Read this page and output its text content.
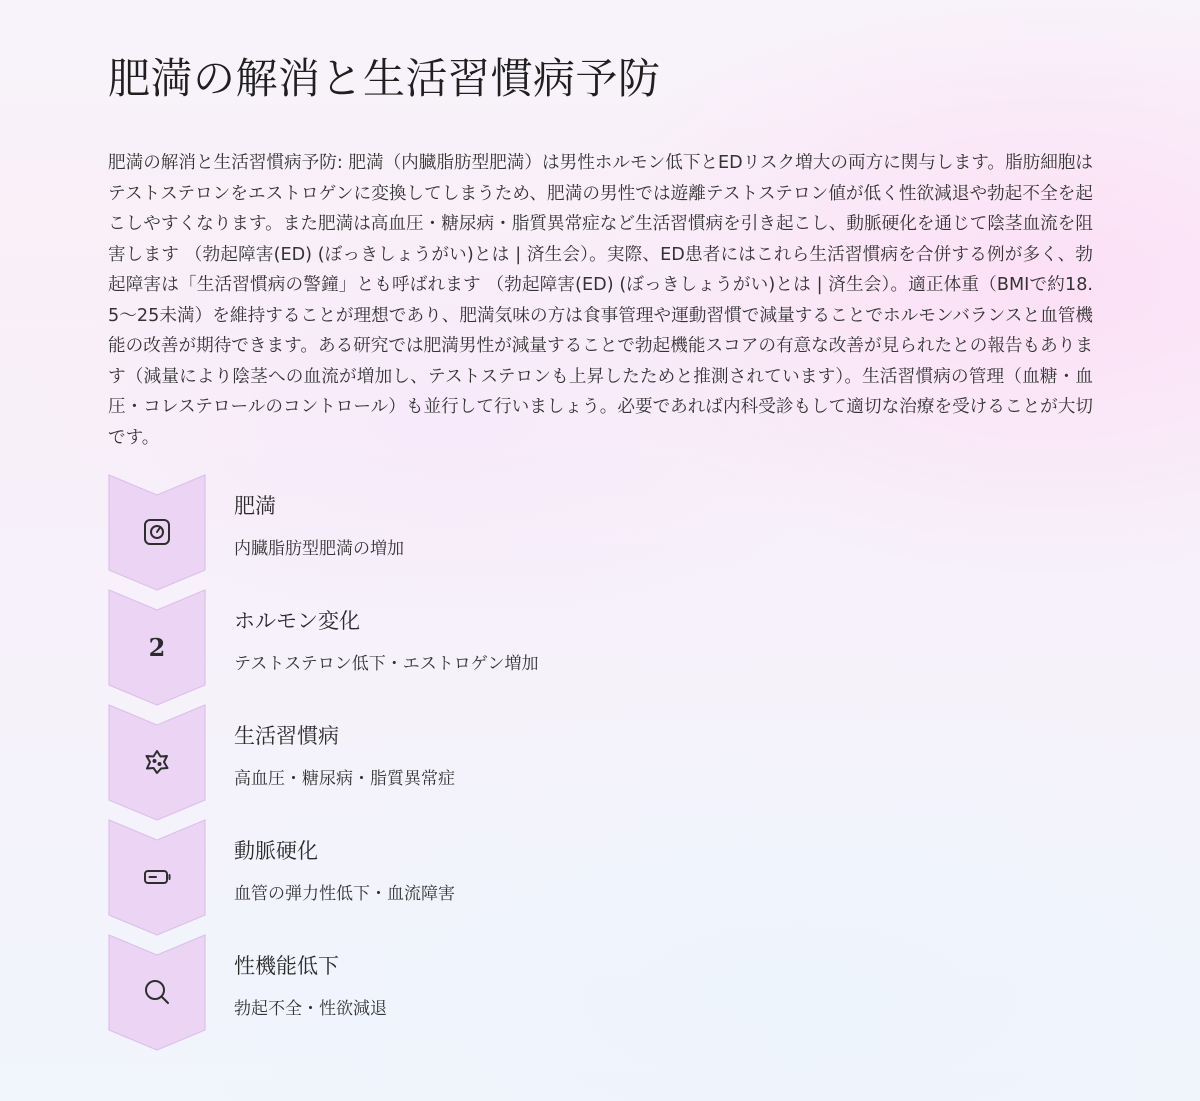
肥満の解消と生活習慣病予防

肥満の解消と生活習慣病予防: 肥満（内臓脂肪型肥満）は男性ホルモン低下とEDリスク増大の両方に関与します。脂肪細胞はテストステロンをエストロゲンに変換してしまうため、肥満の男性では遊離テストステロン値が低く性欲減退や勃起不全を起こしやすくなります。また肥満は高血圧・糖尿病・脂質異常症など生活習慣病を引き起こし、動脈硬化を通じて陰茎血流を阻害します （勃起障害(ED) (ぼっきしょうがい)とは | 済生会）。実際、ED患者にはこれら生活習慣病を合併する例が多く、勃起障害は「生活習慣病の警鐘」とも呼ばれます （勃起障害(ED) (ぼっきしょうがい)とは | 済生会）。適正体重（BMIで約18.5〜25未満）を維持することが理想であり、肥満気味の方は食事管理や運動習慣で減量することでホルモンバランスと血管機能の改善が期待できます。ある研究では肥満男性が減量することで勃起機能スコアの有意な改善が見られたとの報告もあります（減量により陰茎への血流が増加し、テストステロンも上昇したためと推測されています）。生活習慣病の管理（血糖・血圧・コレステロールのコントロール）も並行して行いましょう。必要であれば内科受診もして適切な治療を受けることが大切です。

肥満
内臓脂肪型肥満の増加
2
ホルモン変化
テストステロン低下・エストロゲン増加
生活習慣病
高血圧・糖尿病・脂質異常症
動脈硬化
血管の弾力性低下・血流障害
性機能低下
勃起不全・性欲減退
